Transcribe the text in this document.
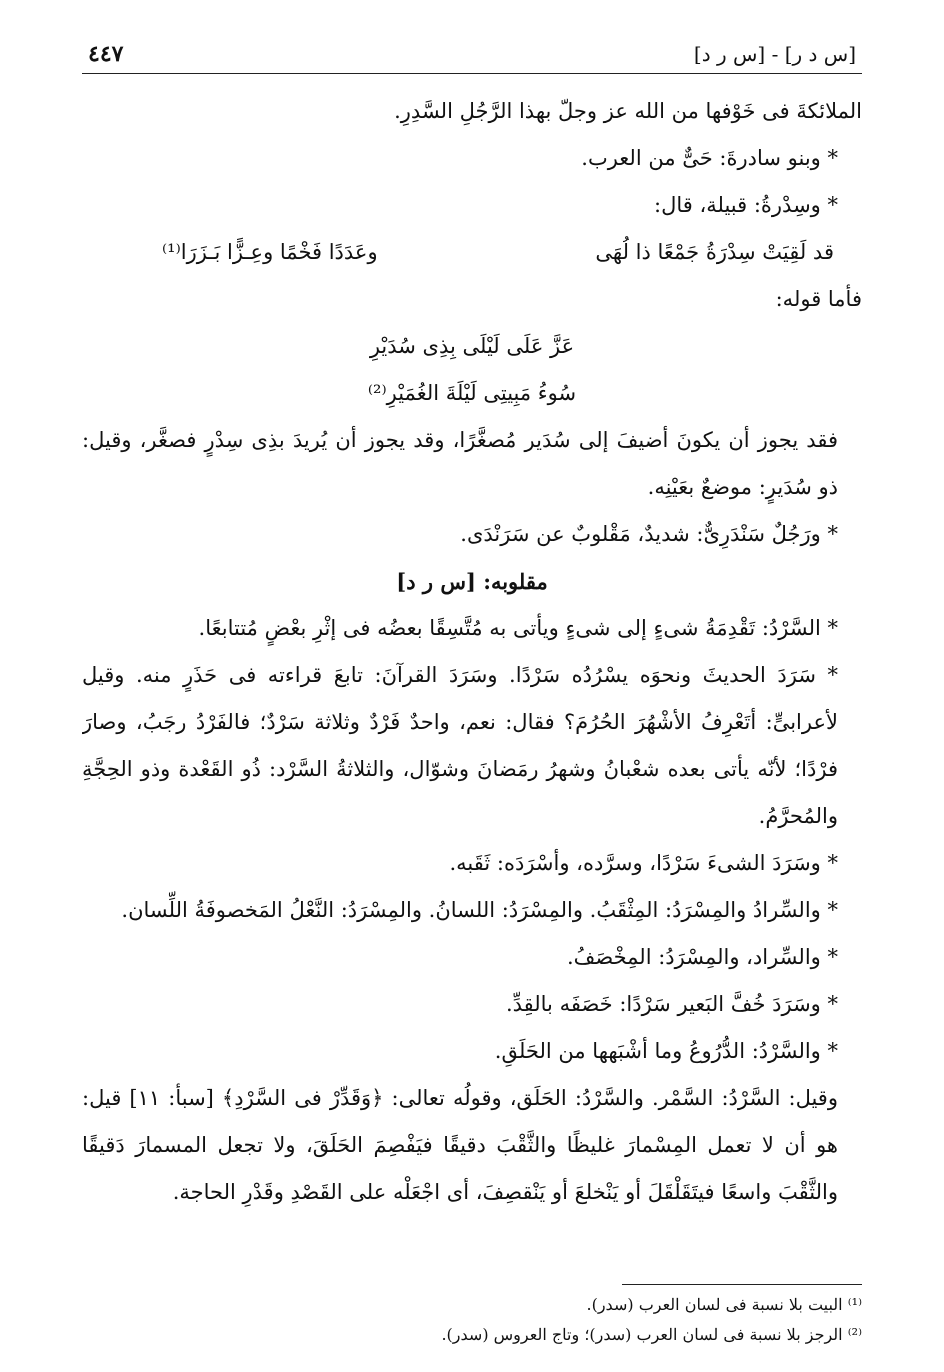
[س د ر] - [س ر د]
٤٤٧
الملائكةَ فى خَوْفها من الله عز وجلّ بهذا الرَّجُلِ السَّدِرِ.
* وبنو سادرةَ: حَىٌّ من العرب.
* وسِدْرةُ: قبيلة، قال:
قد لَقِيَتْ سِدْرَةُ جَمْعًا ذا لُهَى
وعَدَدًا فَخْمًا وعِـزًّا بَـزَرَا⁽¹⁾
فأما قوله:
عَزَّ عَلَى لَيْلَى بِذِى سُدَيْرِ
سُوءُ مَبِيتِى لَيْلَةَ الغُمَيْرِ⁽²⁾
فقد يجوز أن يكونَ أضيفَ إلى سُدَير مُصغَّرًا، وقد يجوز أن يُريدَ بذِى سِدْرٍ فصغَّر، وقيل: ذو سُدَيرٍ: موضعٌ بعَيْنِه.
* ورَجُلٌ سَنْدَرِىٌّ: شديدٌ، مَقْلوبٌ عن سَرَنْدَى.
مقلوبه: [س ر د]
* السَّرْدُ: تَقْدِمَةُ شىءٍ إلى شىءٍ ويأتى به مُتَّسِقًا بعضُه فى إثْرِ بعْضٍ مُتتابعًا.
* سَرَدَ الحديثَ ونحوَه يسْرُدُه سَرْدًا. وسَرَدَ القرآنَ: تابعَ قراءته فى حَذَرٍ منه. وقيل لأعرابىٍّ: أتَعْرِفُ الأشْهُرَ الحُرُمَ؟ فقال: نعم، واحدٌ فَرْدٌ وثلاثة سَرْدٌ؛ فالفَرْدُ رجَبُ، وصارَ فرْدًا؛ لأنّه يأتى بعده شعْبانُ وشهرُ رمَضانَ وشوّال، والثلاثةُ السَّرْد: ذُو القَعْدة وذو الحِجَّةِ والمُحرَّمُ.
* وسَرَدَ الشىءَ سَرْدًا، وسرَّده، وأسْرَدَه: ثَقَبه.
* والسِّرادُ والمِسْرَدُ: المِثْقَبُ. والمِسْرَدُ: اللسانُ. والمِسْرَدُ: النَّعْلُ المَخصوفَةُ اللِّسان.
* والسِّراد، والمِسْرَدُ: المِخْصَفُ.
* وسَرَدَ خُفَّ البَعير سَرْدًا: خَصَفَه بالقِدِّ.
* والسَّرْدُ: الدُّرُوعُ وما أشْبَهها من الحَلَقِ.
وقيل: السَّرْدُ: السَّمْر. والسَّرْدُ: الحَلَق، وقولُه تعالى: ﴿وَقَدِّرْ فى السَّرْدِ﴾ [سبأ: ١١] قيل: هو أن لا تعمل المِسْمارَ غليظًا والثَّقْبَ دقيقًا فيَفْصِمَ الحَلَقَ، ولا تجعل المسمارَ دَقيقًا والثَّقْبَ واسعًا فيتَقَلْقَلَ أو يَنْخلعَ أو يَنْقصِفَ، أى اجْعَلْه على القَصْدِ وقَدْرِ الحاجة.
⁽¹⁾ البيت بلا نسبة فى لسان العرب (سدر).
⁽²⁾ الرجز بلا نسبة فى لسان العرب (سدر)؛ وتاج العروس (سدر).
